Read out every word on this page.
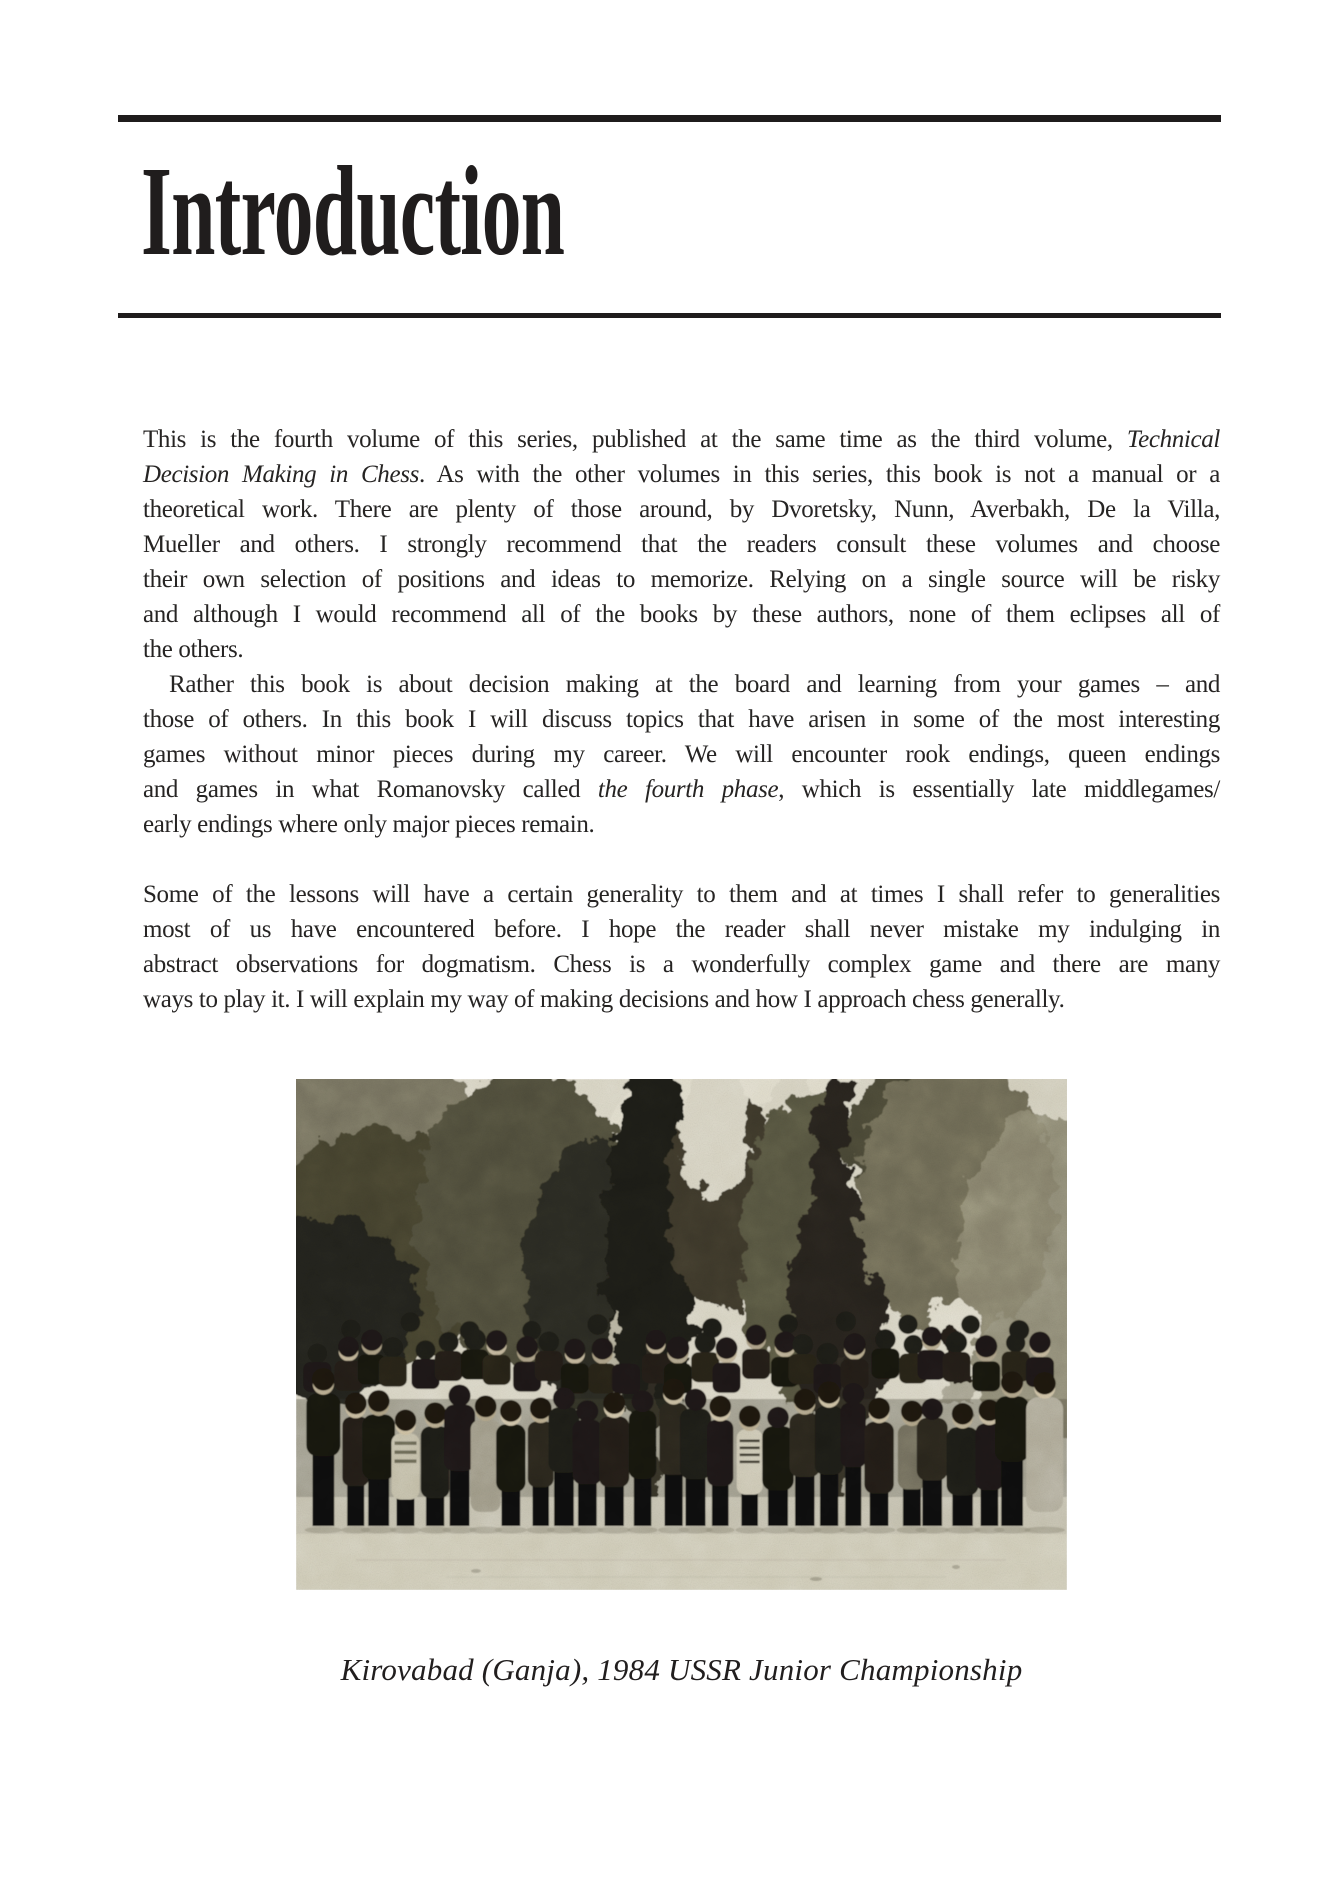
Introduction
This is the fourth volume of this series, published at the same time as the third volume, Technical
Decision Making in Chess. As with the other volumes in this series, this book is not a manual or a
theoretical work. There are plenty of those around, by Dvoretsky, Nunn, Averbakh, De la Villa,
Mueller and others. I strongly recommend that the readers consult these volumes and choose
their own selection of positions and ideas to memorize. Relying on a single source will be risky
and although I would recommend all of the books by these authors, none of them eclipses all of
the others.
Rather this book is about decision making at the board and learning from your games – and
those of others. In this book I will discuss topics that have arisen in some of the most interesting
games without minor pieces during my career. We will encounter rook endings, queen endings
and games in what Romanovsky called the fourth phase, which is essentially late middlegames/
early endings where only major pieces remain.
Some of the lessons will have a certain generality to them and at times I shall refer to generalities
most of us have encountered before. I hope the reader shall never mistake my indulging in
abstract observations for dogmatism. Chess is a wonderfully complex game and there are many
ways to play it. I will explain my way of making decisions and how I approach chess generally.
Kirovabad (Ganja), 1984 USSR Junior Championship
